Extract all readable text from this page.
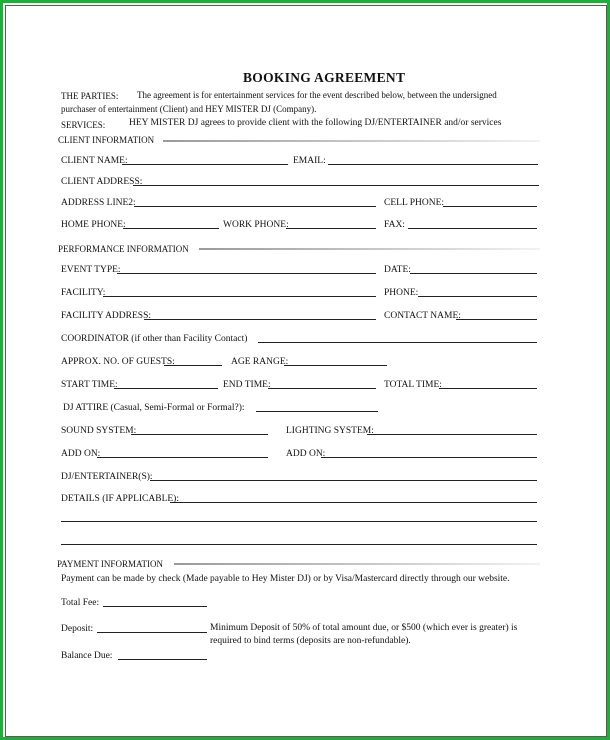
BOOKING AGREEMENT
THE PARTIES: The agreement is for entertainment services for the event described below, between the undersigned
purchaser of entertainment (Client) and HEY MISTER DJ (Company).
SERVICES: HEY MISTER DJ agrees to provide client with the following DJ/ENTERTAINER and/or services
CLIENT INFORMATION
CLIENT NAME:	EMAIL:
CLIENT ADDRESS:
ADDRESS LINE2:	CELL PHONE:
HOME PHONE:	WORK PHONE:	FAX:
PERFORMANCE INFORMATION
EVENT TYPE:	DATE:
FACILITY:	PHONE:
FACILITY ADDRESS:	CONTACT NAME:
COORDINATOR (if other than Facility Contact)
APPROX. NO. OF GUESTS:	AGE RANGE:
START TIME:	END TIME:	TOTAL TIME:
DJ ATTIRE (Casual, Semi-Formal or Formal?):
SOUND SYSTEM:	LIGHTING SYSTEM:
ADD ON:	ADD ON:
DJ/ENTERTAINER(S):
DETAILS (IF APPLICABLE):
PAYMENT INFORMATION
Payment can be made by check (Made payable to Hey Mister DJ) or by Visa/Mastercard directly through our website.
Total Fee:
Deposit:	Minimum Deposit of 50% of total amount due, or $500 (which ever is greater) is
required to bind terms (deposits are non-refundable).
Balance Due:
